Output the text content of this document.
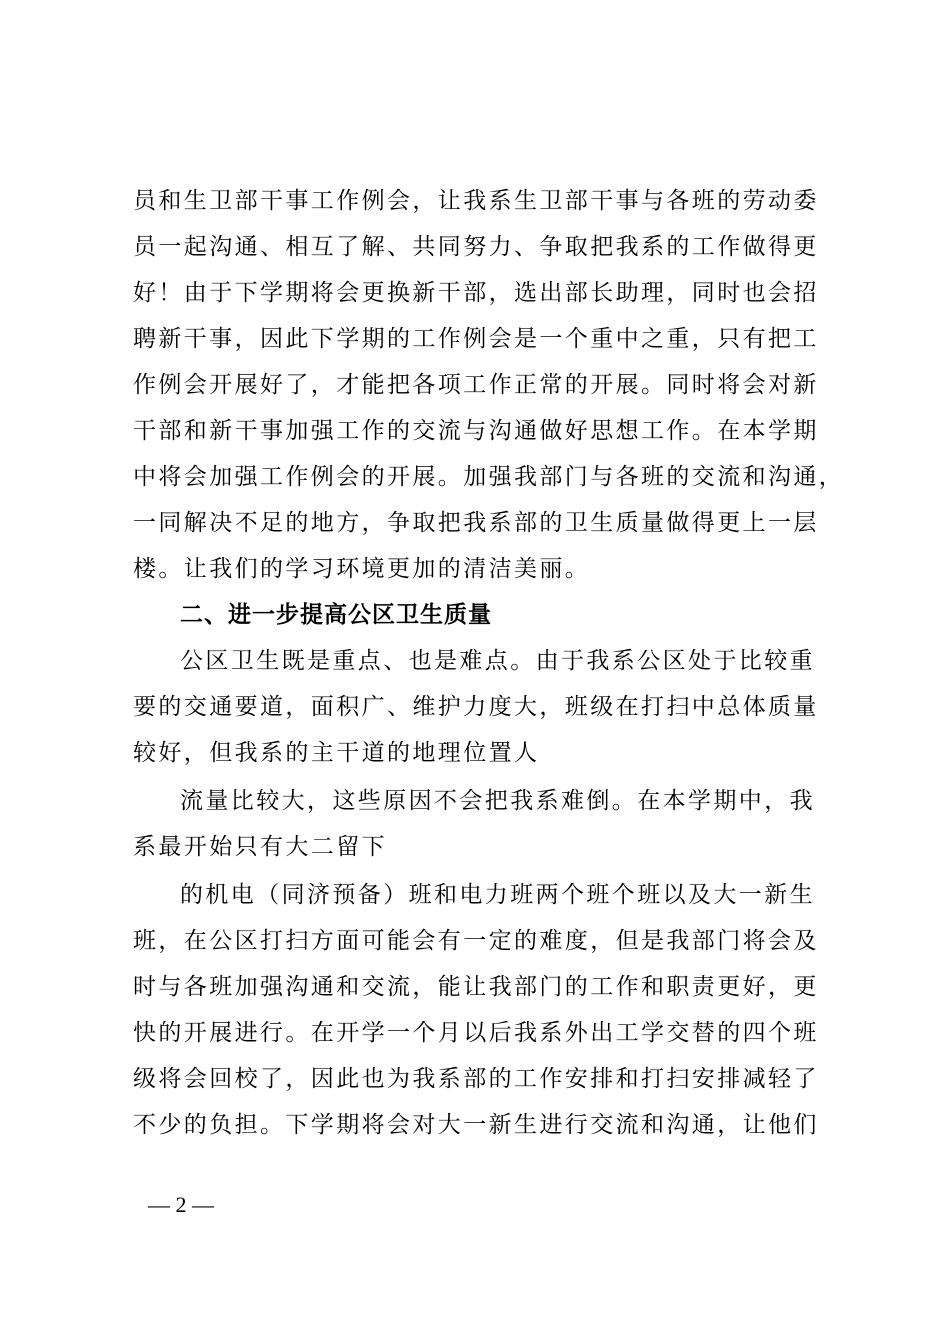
员和生卫部干事工作例会，让我系生卫部干事与各班的劳动委
员一起沟通、相互了解、共同努力、争取把我系的工作做得更
好！由于下学期将会更换新干部，选出部长助理，同时也会招
聘新干事，因此下学期的工作例会是一个重中之重，只有把工
作例会开展好了，才能把各项工作正常的开展。同时将会对新
干部和新干事加强工作的交流与沟通做好思想工作。在本学期
中将会加强工作例会的开展。加强我部门与各班的交流和沟通，
一同解决不足的地方，争取把我系部的卫生质量做得更上一层
楼。让我们的学习环境更加的清洁美丽。
二、进一步提高公区卫生质量
公区卫生既是重点、也是难点。由于我系公区处于比较重
要的交通要道，面积广、维护力度大，班级在打扫中总体质量
较好，但我系的主干道的地理位置人
流量比较大，这些原因不会把我系难倒。在本学期中，我
系最开始只有大二留下
的机电（同济预备）班和电力班两个班个班以及大一新生
班，在公区打扫方面可能会有一定的难度，但是我部门将会及
时与各班加强沟通和交流，能让我部门的工作和职责更好，更
快的开展进行。在开学一个月以后我系外出工学交替的四个班
级将会回校了，因此也为我系部的工作安排和打扫安排减轻了
不少的负担。下学期将会对大一新生进行交流和沟通，让他们
— 2 —
